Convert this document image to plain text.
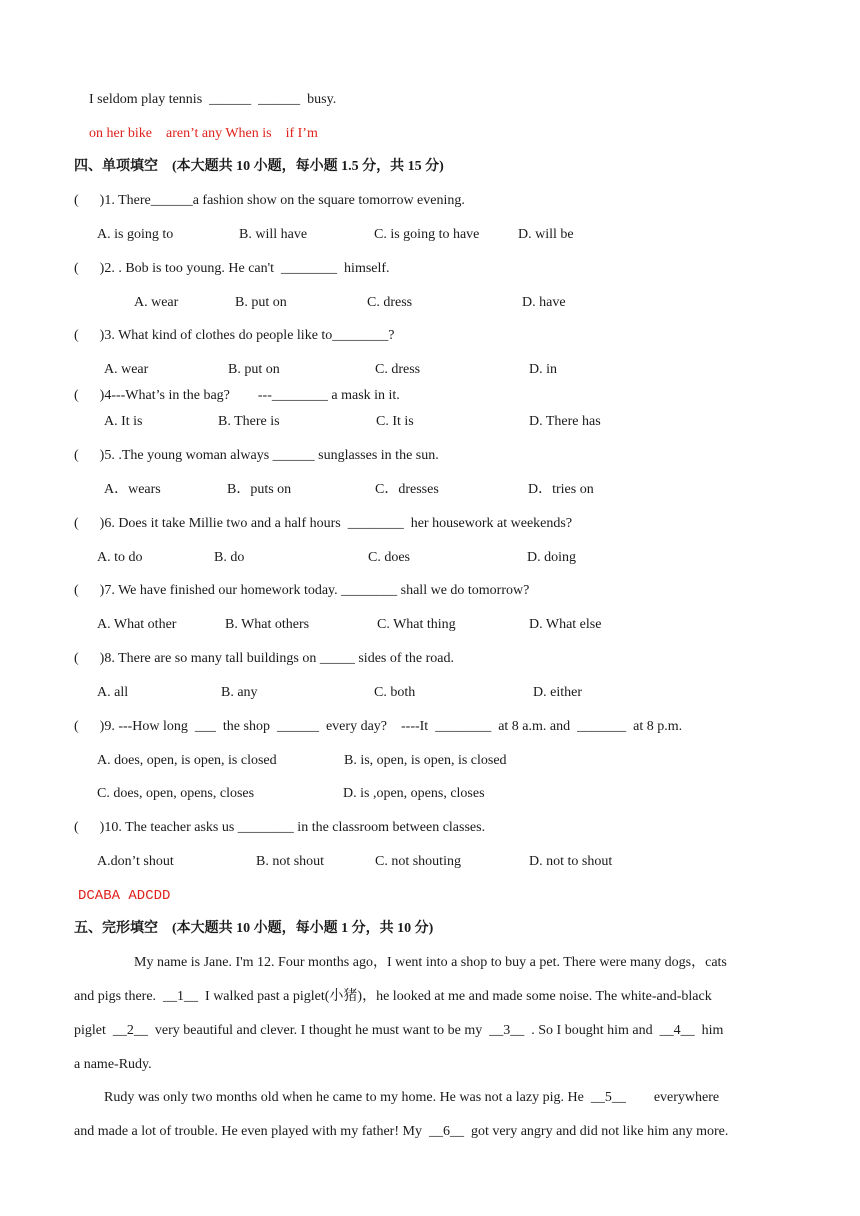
I seldom play tennis  ______  ______  busy.
on her bike    aren’t any When is    if I’m
四、单项填空 (本大题共 10 小题，每小题 1.5 分，共 15 分)
(      )1. There______a fashion show on the square tomorrow evening.
A. is going to	B. will have	C. is going to have	D. will be
(      )2. . Bob is too young. He can't  ________  himself.
A. wear	B. put on	C. dress	D. have
(      )3. What kind of clothes do people like to________?
A. wear	B. put on	C. dress	D. in
(      )4---What’s in the bag?        ---________ a mask in it.
A. It is	B. There is	C. It is	D. There has
(      )5. .The young woman always ______ sunglasses in the sun.
A．wears	B．puts on	C．dresses	D．tries on
(      )6. Does it take Millie two and a half hours  ________  her housework at weekends?
A. to do	B. do	C. does	D. doing
(      )7. We have finished our homework today. ________ shall we do tomorrow?
A. What other	B. What others	C. What thing	D. What else
(      )8. There are so many tall buildings on _____ sides of the road.
A. all	B. any	C. both	D. either
(      )9. ---How long  ___  the shop  ______  every day?    ----It  ________  at 8 a.m. and  _______  at 8 p.m.
A. does, open, is open, is closed	B. is, open, is open, is closed
C. does, open, opens, closes	D. is ,open, opens, closes
(      )10. The teacher asks us ________ in the classroom between classes.
A.don’t shout	B. not shout	C. not shouting	D. not to shout
DCABA ADCDD
五、完形填空 (本大题共 10 小题，每小题 1 分，共 10 分)
My name is Jane. I'm 12. Four months ago，I went into a shop to buy a pet. There were many dogs，cats
and pigs there.  __1__  I walked past a piglet(小猪)，he looked at me and made some noise. The white-and-black
piglet  __2__  very beautiful and clever. I thought he must want to be my  __3__  . So I bought him and  __4__  him
a name-Rudy.
Rudy was only two months old when he came to my home. He was not a lazy pig. He  __5__        everywhere
and made a lot of trouble. He even played with my father! My  __6__  got very angry and did not like him any more.
